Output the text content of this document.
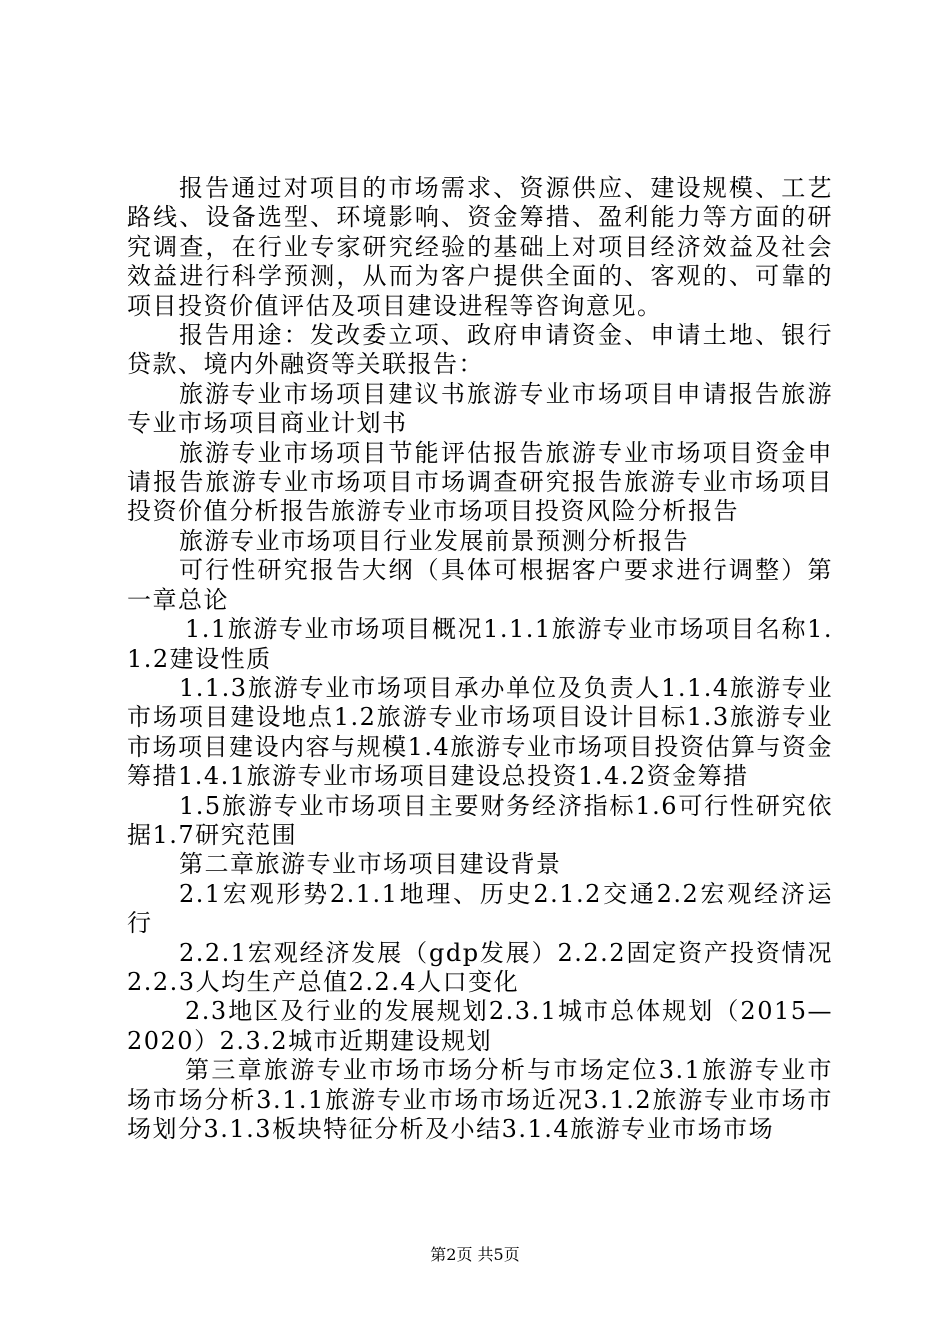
报告通过对项目的市场需求、资源供应、建设规模、工艺路线、设备选型、环境影响、资金筹措、盈利能力等方面的研究调查，在行业专家研究经验的基础上对项目经济效益及社会效益进行科学预测，从而为客户提供全面的、客观的、可靠的项目投资价值评估及项目建设进程等咨询意见。

报告用途：发改委立项、政府申请资金、申请土地、银行贷款、境内外融资等关联报告：

旅游专业市场项目建议书旅游专业市场项目申请报告旅游专业市场项目商业计划书

旅游专业市场项目节能评估报告旅游专业市场项目资金申请报告旅游专业市场项目市场调查研究报告旅游专业市场项目投资价值分析报告旅游专业市场项目投资风险分析报告

旅游专业市场项目行业发展前景预测分析报告

可行性研究报告大纲（具体可根据客户要求进行调整）第一章总论

1.1旅游专业市场项目概况1.1.1旅游专业市场项目名称1.1.2建设性质

1.1.3旅游专业市场项目承办单位及负责人1.1.4旅游专业市场项目建设地点1.2旅游专业市场项目设计目标1.3旅游专业市场项目建设内容与规模1.4旅游专业市场项目投资估算与资金筹措1.4.1旅游专业市场项目建设总投资1.4.2资金筹措

1.5旅游专业市场项目主要财务经济指标1.6可行性研究依据1.7研究范围

第二章旅游专业市场项目建设背景

2.1宏观形势2.1.1地理、历史2.1.2交通2.2宏观经济运行

2.2.1宏观经济发展（gdp发展）2.2.2固定资产投资情况2.2.3人均生产总值2.2.4人口变化

2.3地区及行业的发展规划2.3.1城市总体规划（2015—2020）2.3.2城市近期建设规划

第三章旅游专业市场市场分析与市场定位3.1旅游专业市场市场分析3.1.1旅游专业市场市场近况3.1.2旅游专业市场市场划分3.1.3板块特征分析及小结3.1.4旅游专业市场市场

第2页 共5页
